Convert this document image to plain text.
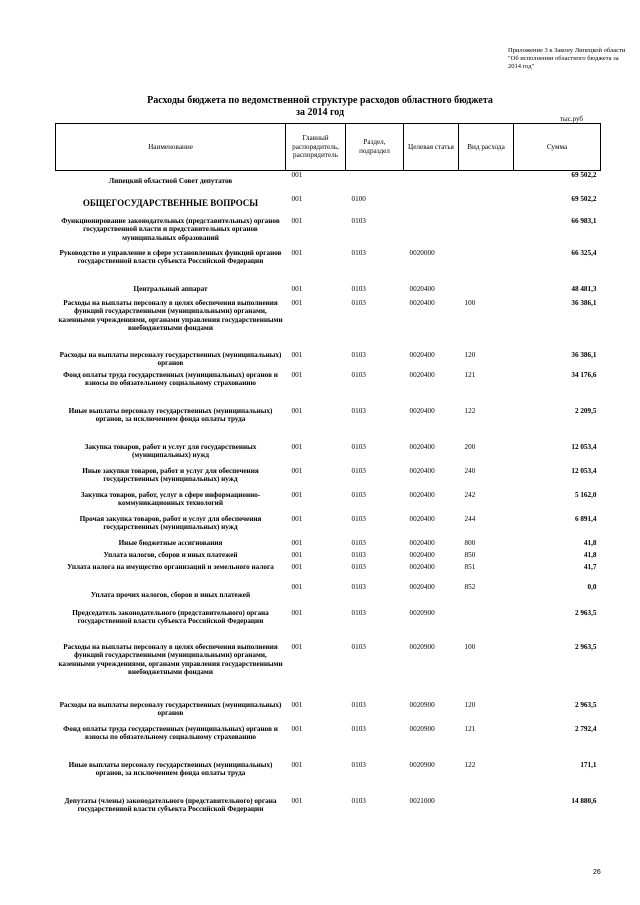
Приложение 3 к Закону Липецкой области "Об исполнении областного бюджета за 2014 год"
Расходы бюджета по ведомственной структуре расходов областного бюджета
за 2014 год
тыс.руб
Наименование	Главный распорядитель, распорядитель	Раздел, подраздел	Целевая статья	Вид расхода	Сумма
Липецкий областной Совет депутатов	001				69 502,2
ОБЩЕГОСУДАРСТВЕННЫЕ ВОПРОСЫ	001	0100			69 502,2
Функционирование законодательных (представительных) органов государственной власти и представительных органов муниципальных образований	001	0103			66 983,1
Руководство и управление в сфере установленных функций органов государственной власти субъекта Российской Федерации	001	0103	0020000		66 325,4
Центральный аппарат	001	0103	0020400		48 481,3
Расходы на выплаты персоналу в целях обеспечения выполнения функций государственными (муниципальными) органами, казенными учреждениями, органами управления государственными внебюджетными фондами	001	0103	0020400	100	36 386,1
Расходы на выплаты персоналу государственных (муниципальных) органов	001	0103	0020400	120	36 386,1
Фонд оплаты труда государственных (муниципальных) органов и взносы по обязательному социальному страхованию	001	0103	0020400	121	34 176,6
Иные выплаты персоналу государственных (муниципальных) органов, за исключением фонда оплаты труда	001	0103	0020400	122	2 209,5
Закупка товаров, работ и услуг для государственных (муниципальных) нужд	001	0103	0020400	200	12 053,4
Иные закупки товаров, работ и услуг для обеспечения государственных (муниципальных) нужд	001	0103	0020400	240	12 053,4
Закупка товаров, работ, услуг в сфере информационно-коммуникационных технологий	001	0103	0020400	242	5 162,0
Прочая закупка товаров, работ и услуг для обеспечения государственных (муниципальных) нужд	001	0103	0020400	244	6 891,4
Иные бюджетные ассигнования	001	0103	0020400	800	41,8
Уплата налогов, сборов и иных платежей	001	0103	0020400	850	41,8
Уплата налога на имущество организаций и земельного налога	001	0103	0020400	851	41,7
Уплата прочих налогов, сборов и иных платежей	001	0103	0020400	852	0,0
Председатель законодательного (представительного) органа государственной власти субъекта Российской Федерации	001	0103	0020900		2 963,5
Расходы на выплаты персоналу в целях обеспечения выполнения функций государственными (муниципальными) органами, казенными учреждениями, органами управления государственными внебюджетными фондами	001	0103	0020900	100	2 963,5
Расходы на выплаты персоналу государственных (муниципальных) органов	001	0103	0020900	120	2 963,5
Фонд оплаты труда государственных (муниципальных) органов и взносы по обязательному социальному страхованию	001	0103	0020900	121	2 792,4
Иные выплаты персоналу государственных (муниципальных) органов, за исключением фонда оплаты труда	001	0103	0020900	122	171,1
Депутаты (члены) законодательного (представительного) органа государственной власти субъекта Российской Федерации	001	0103	0021000		14 880,6
26
